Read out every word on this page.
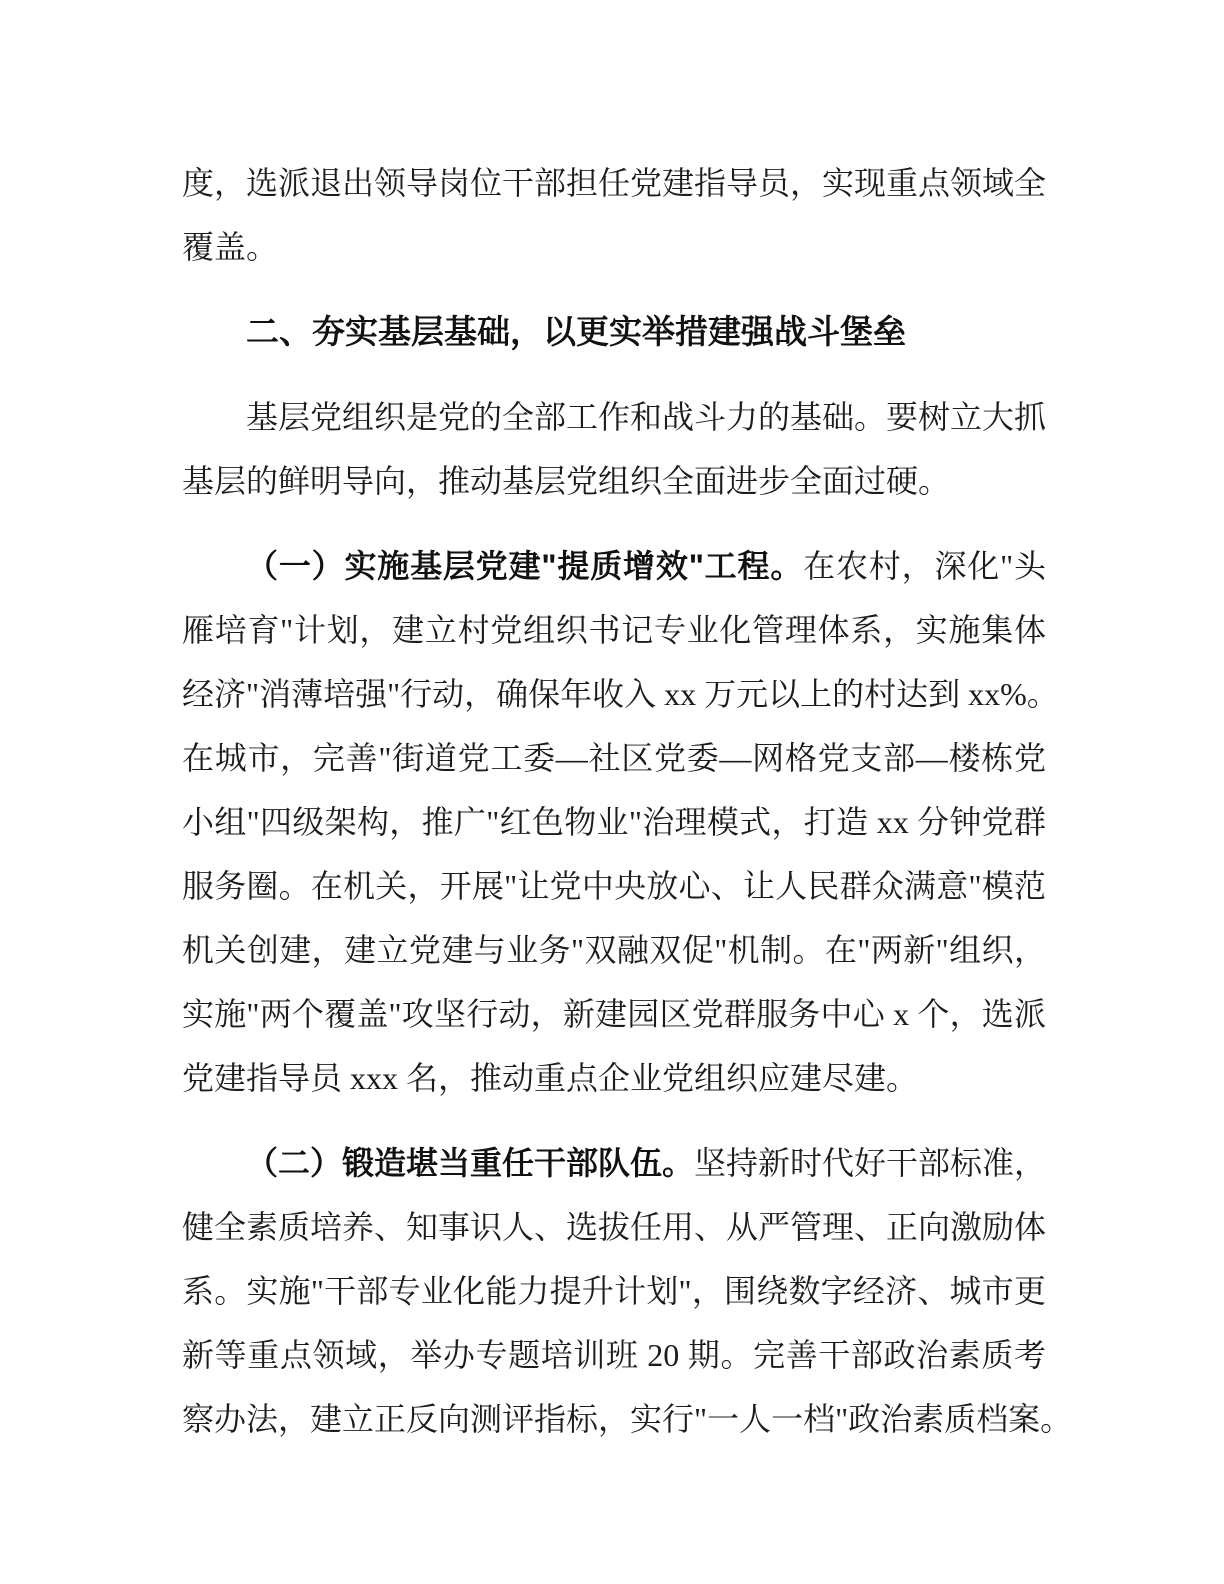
度，选派退出领导岗位干部担任党建指导员，实现重点领域全
覆盖。
二、夯实基层基础，以更实举措建强战斗堡垒
基层党组织是党的全部工作和战斗力的基础。要树立大抓
基层的鲜明导向，推动基层党组织全面进步全面过硬。
（一）实施基层党建"提质增效"工程。在农村，深化"头
雁培育"计划，建立村党组织书记专业化管理体系，实施集体
经济"消薄培强"行动，确保年收入 xx 万元以上的村达到 xx%。
在城市，完善"街道党工委—社区党委—网格党支部—楼栋党
小组"四级架构，推广"红色物业"治理模式，打造 xx 分钟党群
服务圈。在机关，开展"让党中央放心、让人民群众满意"模范
机关创建，建立党建与业务"双融双促"机制。在"两新"组织，
实施"两个覆盖"攻坚行动，新建园区党群服务中心 x 个，选派
党建指导员 xxx 名，推动重点企业党组织应建尽建。
（二）锻造堪当重任干部队伍。坚持新时代好干部标准，
健全素质培养、知事识人、选拔任用、从严管理、正向激励体
系。实施"干部专业化能力提升计划"，围绕数字经济、城市更
新等重点领域，举办专题培训班 20 期。完善干部政治素质考
察办法，建立正反向测评指标，实行"一人一档"政治素质档案。
